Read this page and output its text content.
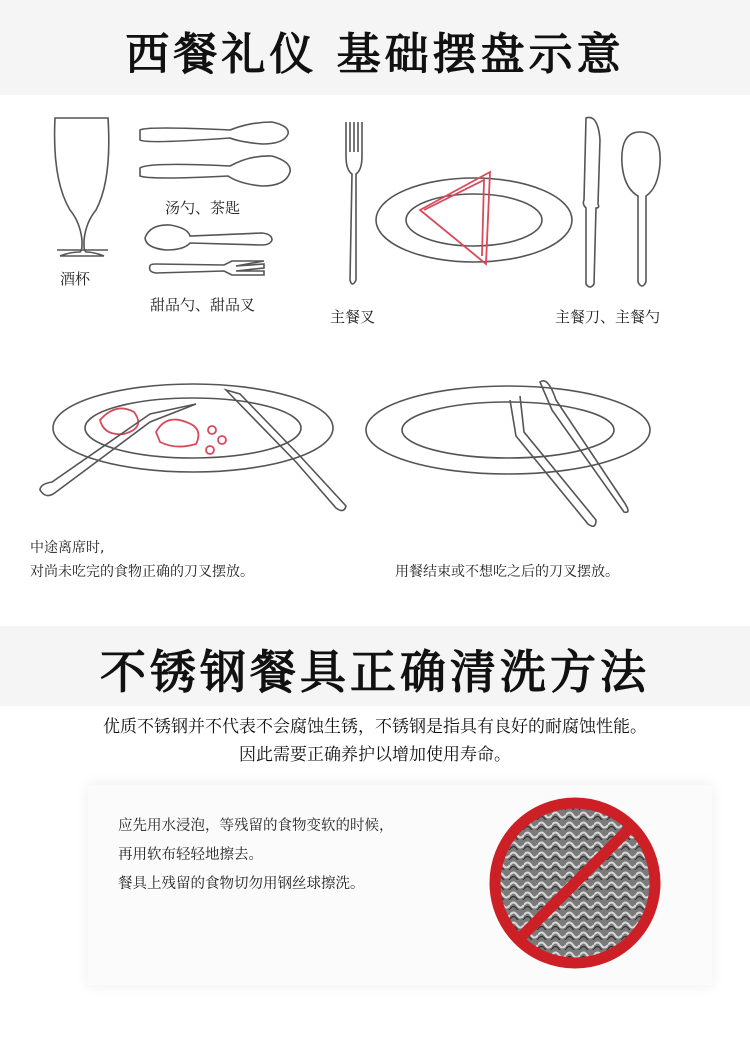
西餐礼仪 基础摆盘示意
酒杯
汤勺、茶匙
甜品勺、甜品叉
主餐叉	主餐刀、主餐勺
中途离席时,
对尚未吃完的食物正确的刀叉摆放。	用餐结束或不想吃之后的刀叉摆放。
不锈钢餐具正确清洗方法
优质不锈钢并不代表不会腐蚀生锈，不锈钢是指具有良好的耐腐蚀性能。
因此需要正确养护以增加使用寿命。
应先用水浸泡，等残留的食物变软的时候，
再用软布轻轻地擦去。
餐具上残留的食物切勿用钢丝球擦洗。
